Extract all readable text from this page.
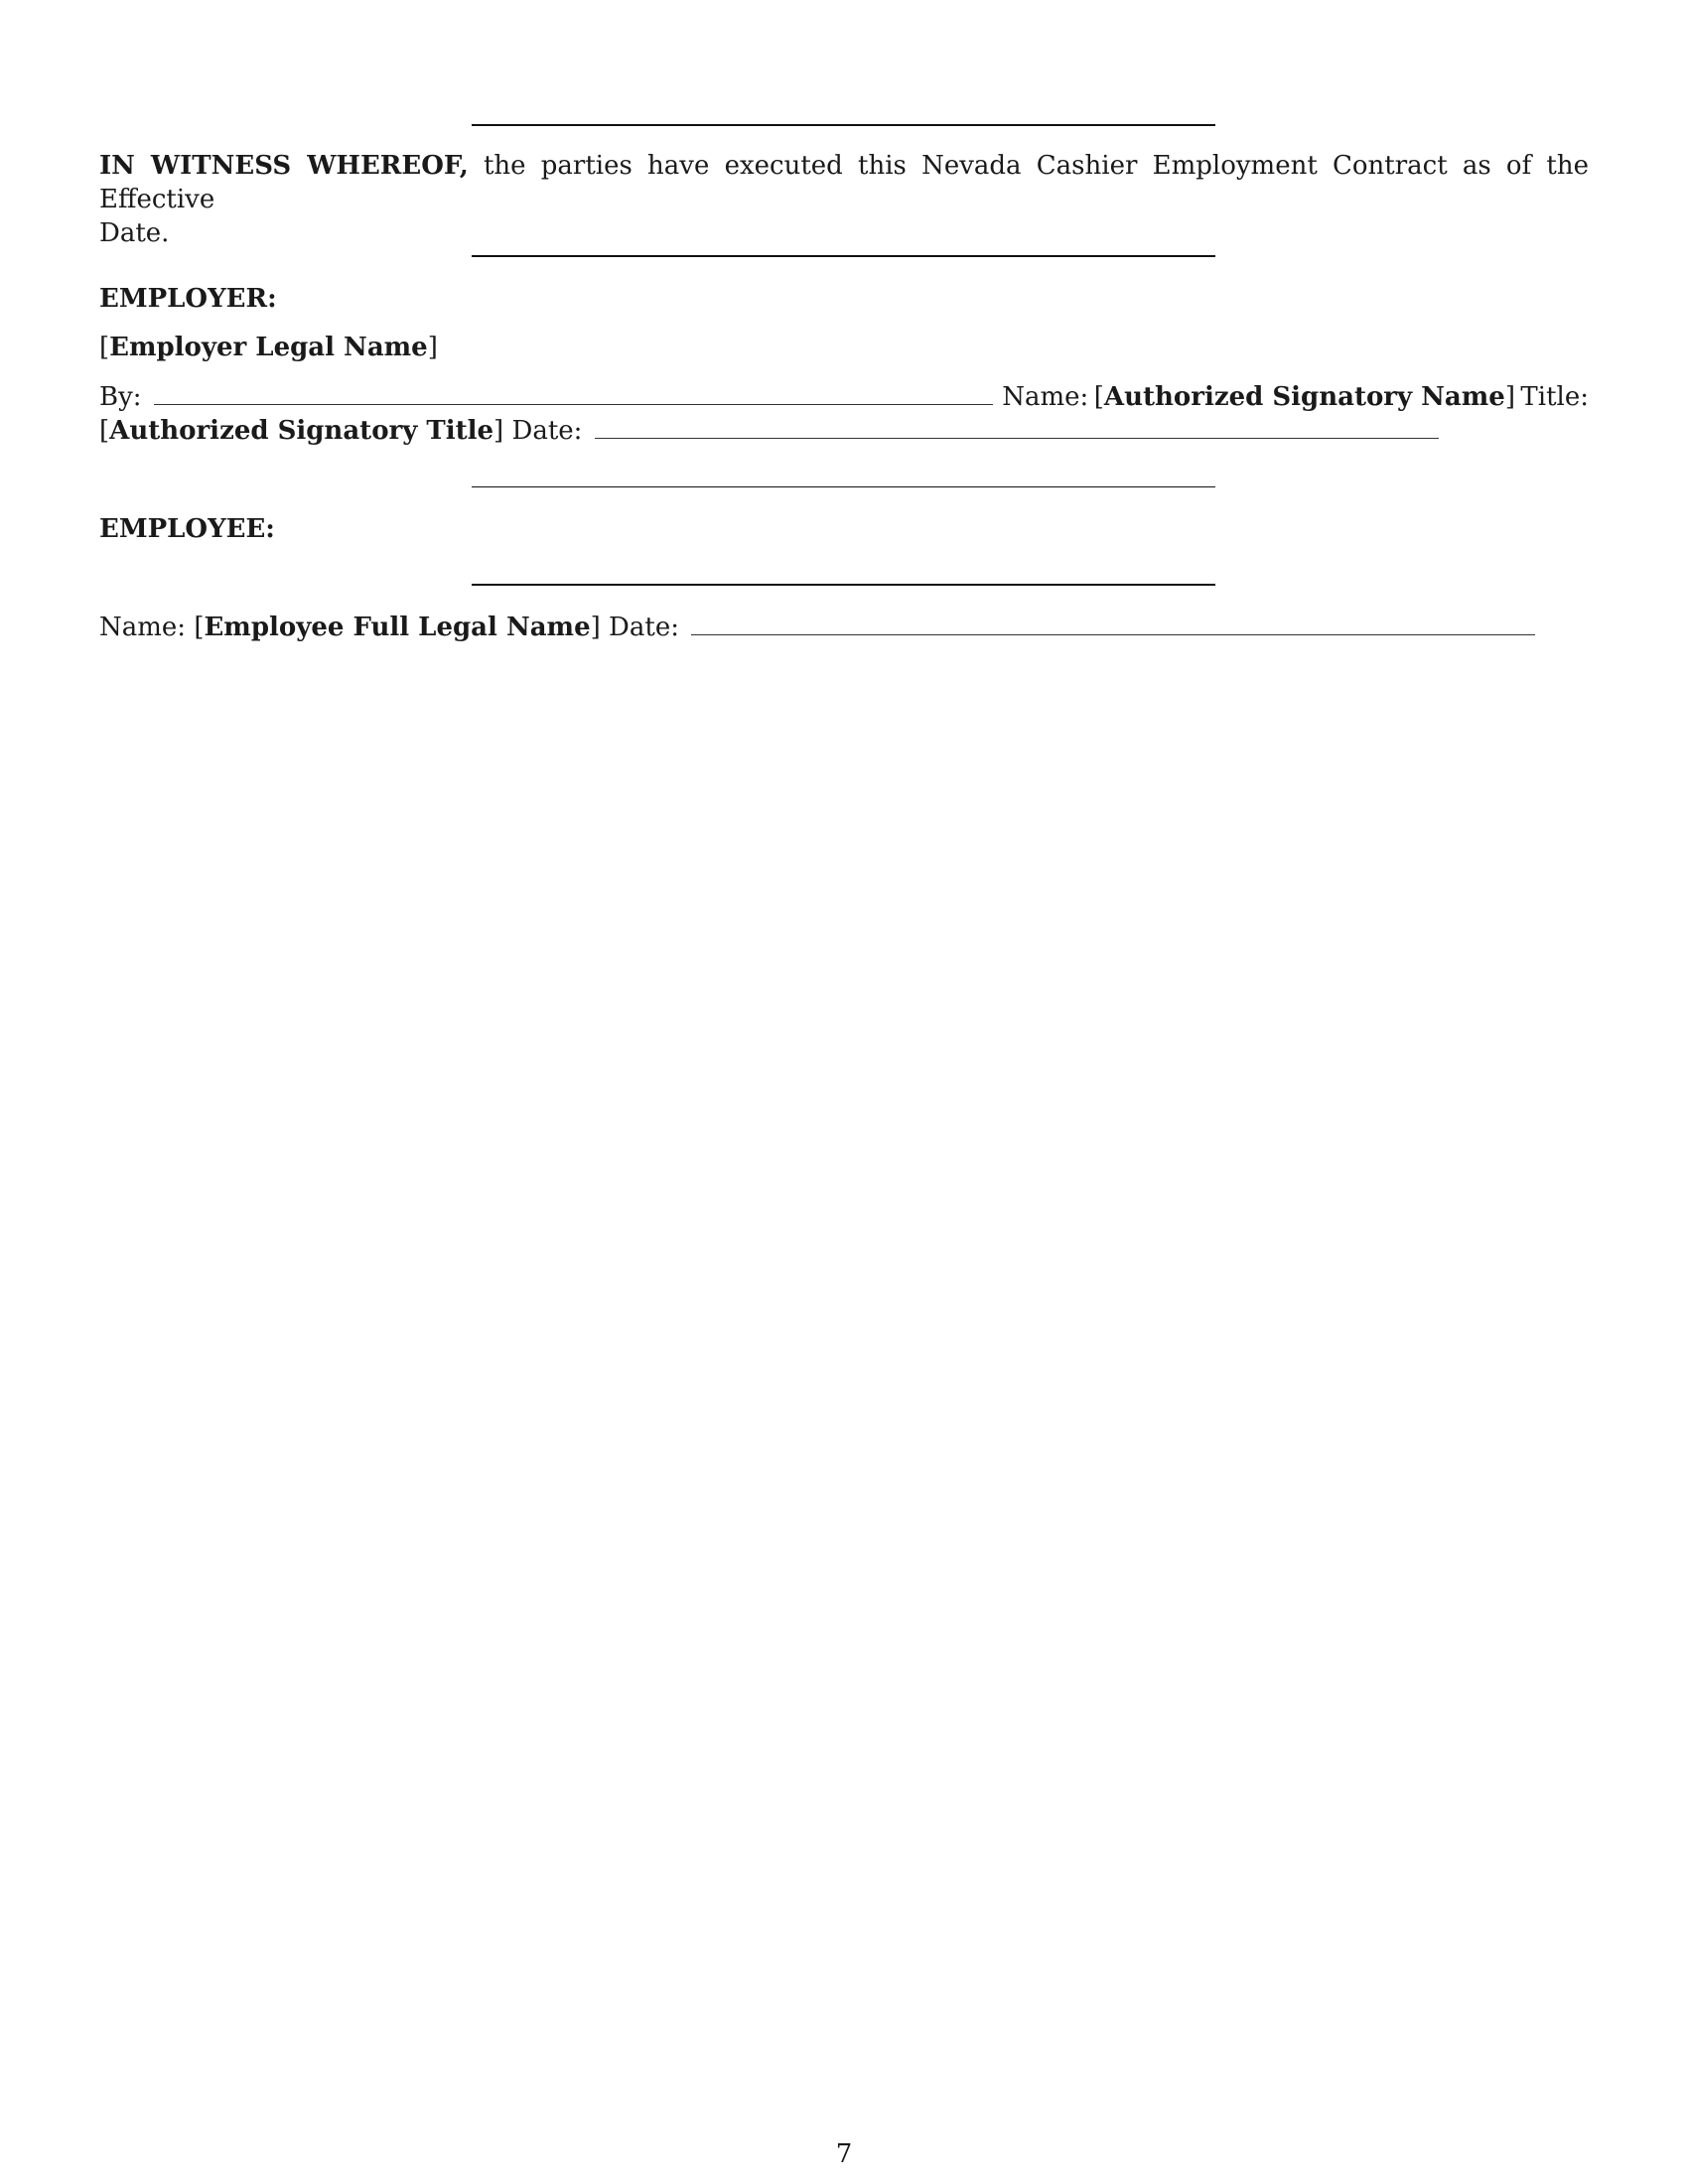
IN WITNESS WHEREOF, the parties have executed this Nevada Cashier Employment Contract as of the Effective
Date.
EMPLOYER:
[Employer Legal Name]
By:	Name: [Authorized Signatory Name] Title:
[Authorized Signatory Title] Date:
EMPLOYEE:
Name: [Employee Full Legal Name] Date:
7
